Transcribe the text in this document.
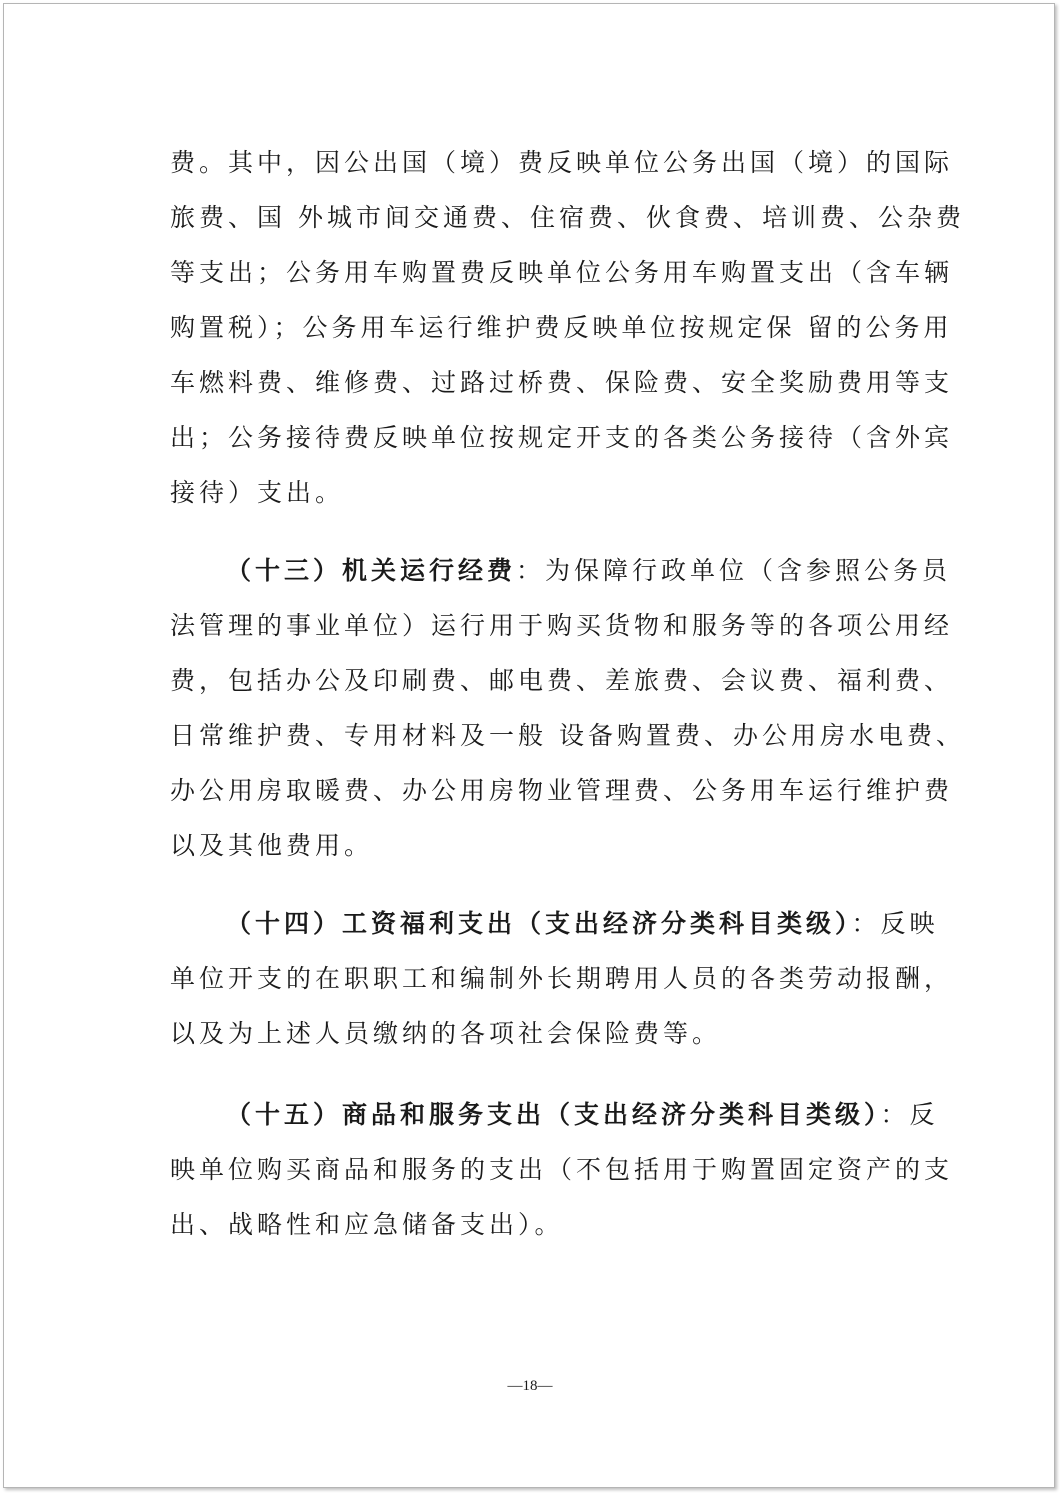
费。其中，因公出国（境）费反映单位公务出国（境）的国际
旅费、国 外城市间交通费、住宿费、伙食费、培训费、公杂费
等支出；公务用车购置费反映单位公务用车购置支出（含车辆
购置税）；公务用车运行维护费反映单位按规定保 留的公务用
车燃料费、维修费、过路过桥费、保险费、安全奖励费用等支
出；公务接待费反映单位按规定开支的各类公务接待（含外宾
接待）支出。
（十三）机关运行经费：为保障行政单位（含参照公务员
法管理的事业单位）运行用于购买货物和服务等的各项公用经
费，包括办公及印刷费、邮电费、差旅费、会议费、福利费、
日常维护费、专用材料及一般 设备购置费、办公用房水电费、
办公用房取暖费、办公用房物业管理费、公务用车运行维护费
以及其他费用。
（十四）工资福利支出（支出经济分类科目类级）：反映
单位开支的在职职工和编制外长期聘用人员的各类劳动报酬，
以及为上述人员缴纳的各项社会保险费等。
（十五）商品和服务支出（支出经济分类科目类级）：反
映单位购买商品和服务的支出（不包括用于购置固定资产的支
出、战略性和应急储备支出）。
—18—
